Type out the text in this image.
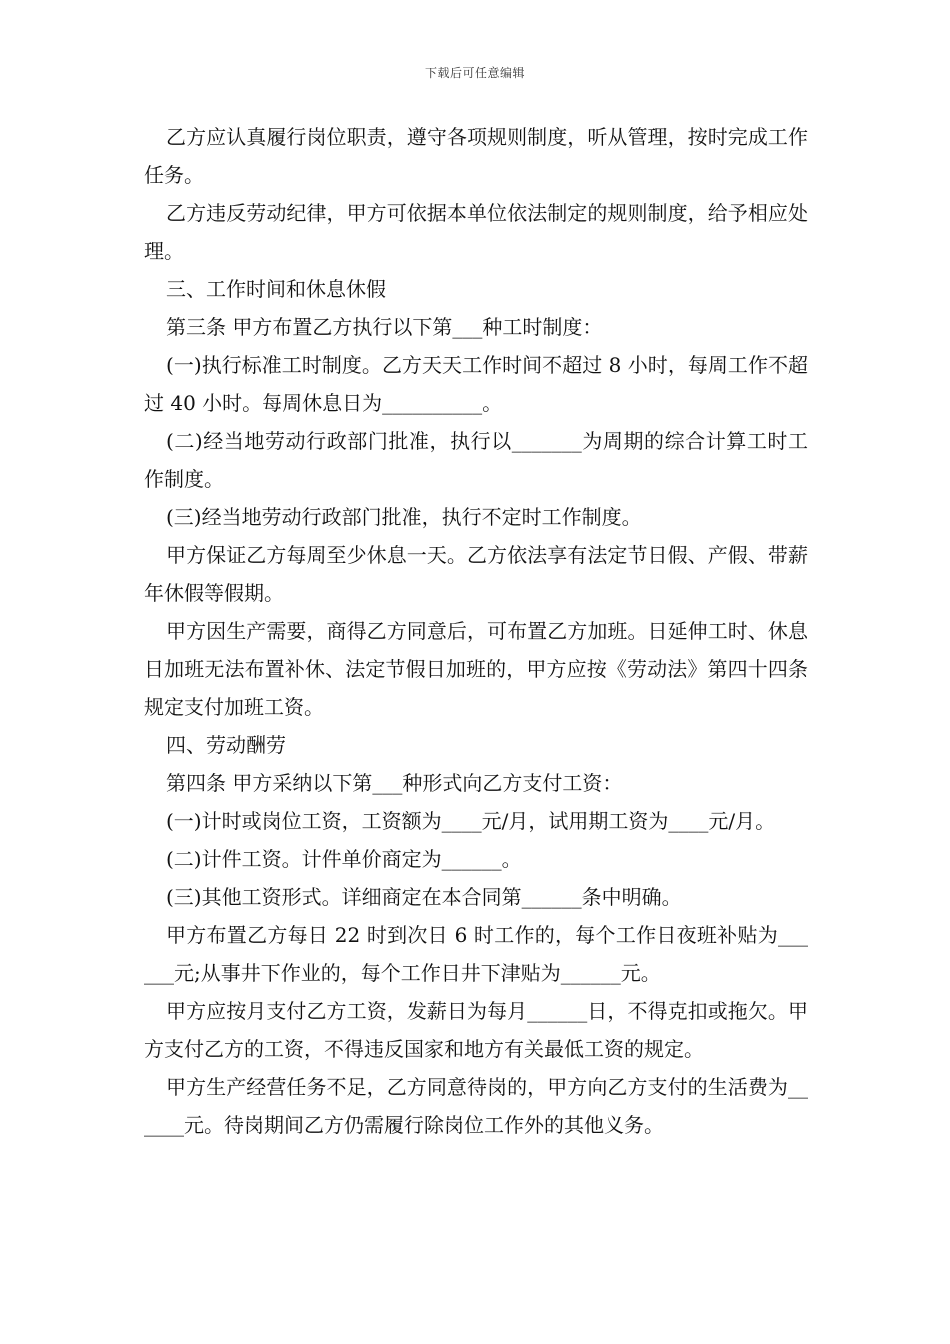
下载后可任意编辑

乙方应认真履行岗位职责，遵守各项规则制度，听从管理，按时完成工作任务。

乙方违反劳动纪律，甲方可依据本单位依法制定的规则制度，给予相应处理。

三、工作时间和休息休假

第三条 甲方布置乙方执行以下第___种工时制度：

(一)执行标准工时制度。乙方天天工作时间不超过 8 小时，每周工作不超过 40 小时。每周休息日为__________。

(二)经当地劳动行政部门批准，执行以_______为周期的综合计算工时工作制度。

(三)经当地劳动行政部门批准，执行不定时工作制度。

甲方保证乙方每周至少休息一天。乙方依法享有法定节日假、产假、带薪年休假等假期。

甲方因生产需要，商得乙方同意后，可布置乙方加班。日延伸工时、休息日加班无法布置补休、法定节假日加班的，甲方应按《劳动法》第四十四条规定支付加班工资。

四、劳动酬劳

第四条 甲方采纳以下第___种形式向乙方支付工资：

(一)计时或岗位工资，工资额为____元/月，试用期工资为____元/月。

(二)计件工资。计件单价商定为______。

(三)其他工资形式。详细商定在本合同第______条中明确。

甲方布置乙方每日 22 时到次日 6 时工作的，每个工作日夜班补贴为______元;从事井下作业的，每个工作日井下津贴为______元。

甲方应按月支付乙方工资，发薪日为每月______日，不得克扣或拖欠。甲方支付乙方的工资，不得违反国家和地方有关最低工资的规定。

甲方生产经营任务不足，乙方同意待岗的，甲方向乙方支付的生活费为______元。待岗期间乙方仍需履行除岗位工作外的其他义务。
